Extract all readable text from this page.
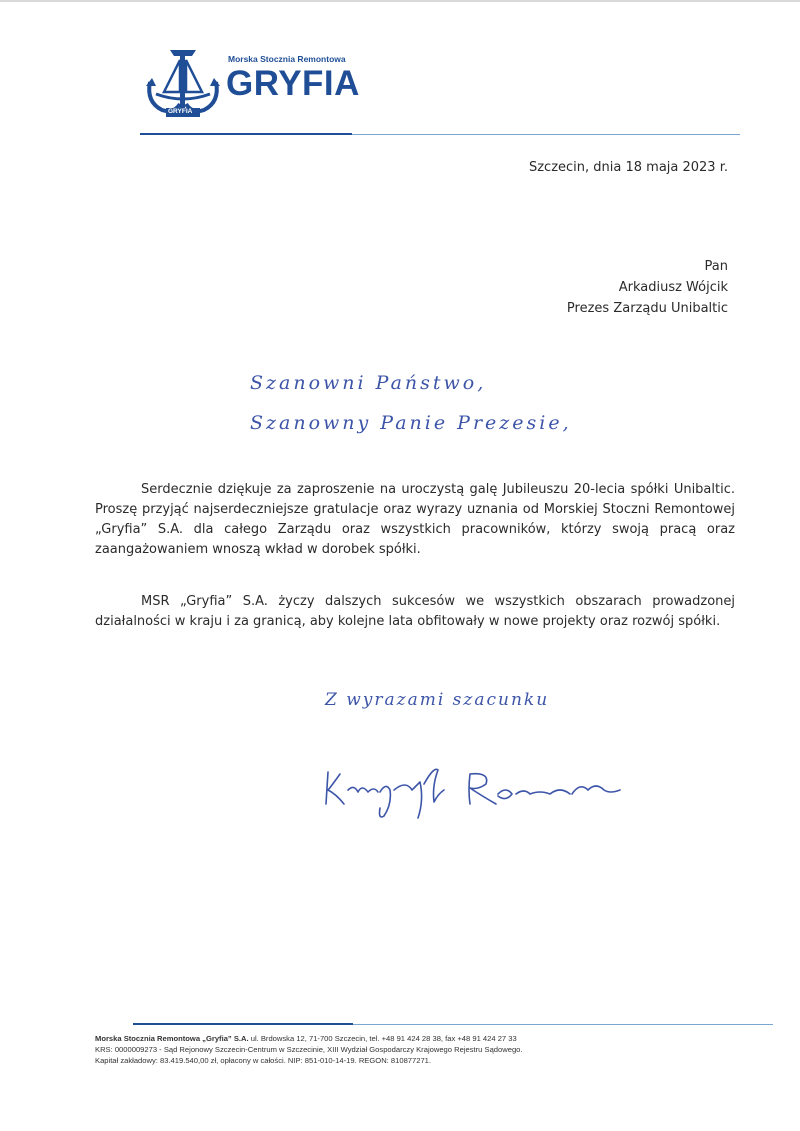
GRYFIA
Morska Stocznia Remontowa
GRYFIA
Szczecin, dnia 18 maja 2023 r.
Pan
Arkadiusz Wójcik
Prezes Zarządu Unibaltic
Szanowni Państwo,
Szanowny Panie Prezesie,

Serdecznie dziękuje za zaproszenie na uroczystą galę Jubileuszu 20-lecia spółki Unibaltic. Proszę przyjąć najserdeczniejsze gratulacje oraz wyrazy uznania od Morskiej Stoczni Remontowej „Gryfia” S.A. dla całego Zarządu oraz wszystkich pracowników, którzy swoją pracą oraz zaangażowaniem wnoszą wkład w dorobek spółki.

MSR „Gryfia” S.A. życzy dalszych sukcesów we wszystkich obszarach prowadzonej działalności w kraju i za granicą, aby kolejne lata obfitowały w nowe projekty oraz rozwój spółki.

Z wyrazami szacunku
Morska Stocznia Remontowa „Gryfia” S.A. ul. Brdowska 12, 71-700 Szczecin, tel. +48 91 424 28 38, fax +48 91 424 27 33
KRS: 0000009273 - Sąd Rejonowy Szczecin-Centrum w Szczecinie, XIII Wydział Gospodarczy Krajowego Rejestru Sądowego.
Kapitał zakładowy: 83.419.540,00 zł, opłacony w całości. NIP: 851-010-14-19. REGON: 810877271.
